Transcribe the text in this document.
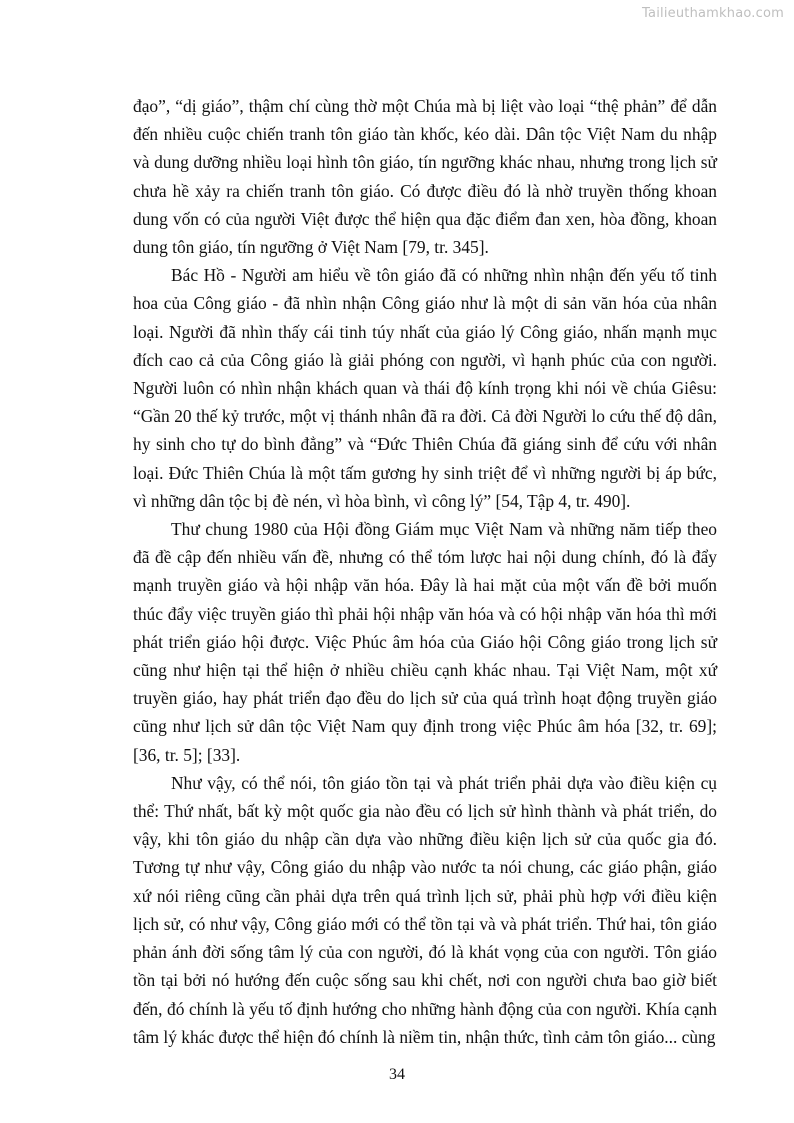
Tailieuthamkhao.com

đạo”, “dị giáo”, thậm chí cùng thờ một Chúa mà bị liệt vào loại “thệ phản” để dẫn đến nhiều cuộc chiến tranh tôn giáo tàn khốc, kéo dài. Dân tộc Việt Nam du nhập và dung dưỡng nhiều loại hình tôn giáo, tín ngưỡng khác nhau, nhưng trong lịch sử chưa hề xảy ra chiến tranh tôn giáo. Có được điều đó là nhờ truyền thống khoan dung vốn có của người Việt được thể hiện qua đặc điểm đan xen, hòa đồng, khoan dung tôn giáo, tín ngưỡng ở Việt Nam [79, tr. 345].

Bác Hồ - Người am hiểu về tôn giáo đã có những nhìn nhận đến yếu tố tinh hoa của Công giáo - đã nhìn nhận Công giáo như là một di sản văn hóa của nhân loại. Người đã nhìn thấy cái tinh túy nhất của giáo lý Công giáo, nhấn mạnh mục đích cao cả của Công giáo là giải phóng con người, vì hạnh phúc của con người. Người luôn có nhìn nhận khách quan và thái độ kính trọng khi nói về chúa Giêsu: “Gần 20 thế kỷ trước, một vị thánh nhân đã ra đời. Cả đời Người lo cứu thế độ dân, hy sinh cho tự do bình đẳng” và “Đức Thiên Chúa đã giáng sinh để cứu với nhân loại. Đức Thiên Chúa là một tấm gương hy sinh triệt để vì những người bị áp bức, vì những dân tộc bị đè nén, vì hòa bình, vì công lý” [54, Tập 4, tr. 490].

Thư chung 1980 của Hội đồng Giám mục Việt Nam và những năm tiếp theo đã đề cập đến nhiều vấn đề, nhưng có thể tóm lược hai nội dung chính, đó là đẩy mạnh truyền giáo và hội nhập văn hóa. Đây là hai mặt của một vấn đề bởi muốn thúc đẩy việc truyền giáo thì phải hội nhập văn hóa và có hội nhập văn hóa thì mới phát triển giáo hội được. Việc Phúc âm hóa của Giáo hội Công giáo trong lịch sử cũng như hiện tại thể hiện ở nhiều chiều cạnh khác nhau. Tại Việt Nam, một xứ truyền giáo, hay phát triển đạo đều do lịch sử của quá trình hoạt động truyền giáo cũng như lịch sử dân tộc Việt Nam quy định trong việc Phúc âm hóa [32, tr. 69]; [36, tr. 5]; [33].

Như vậy, có thể nói, tôn giáo tồn tại và phát triển phải dựa vào điều kiện cụ thể: Thứ nhất, bất kỳ một quốc gia nào đều có lịch sử hình thành và phát triển, do vậy, khi tôn giáo du nhập cần dựa vào những điều kiện lịch sử của quốc gia đó. Tương tự như vậy, Công giáo du nhập vào nước ta nói chung, các giáo phận, giáo xứ nói riêng cũng cần phải dựa trên quá trình lịch sử, phải phù hợp với điều kiện lịch sử, có như vậy, Công giáo mới có thể tồn tại và và phát triển. Thứ hai, tôn giáo phản ánh đời sống tâm lý của con người, đó là khát vọng của con người. Tôn giáo tồn tại bởi nó hướng đến cuộc sống sau khi chết, nơi con người chưa bao giờ biết đến, đó chính là yếu tố định hướng cho những hành động của con người. Khía cạnh tâm lý khác được thể hiện đó chính là niềm tin, nhận thức, tình cảm tôn giáo... cùng

34
